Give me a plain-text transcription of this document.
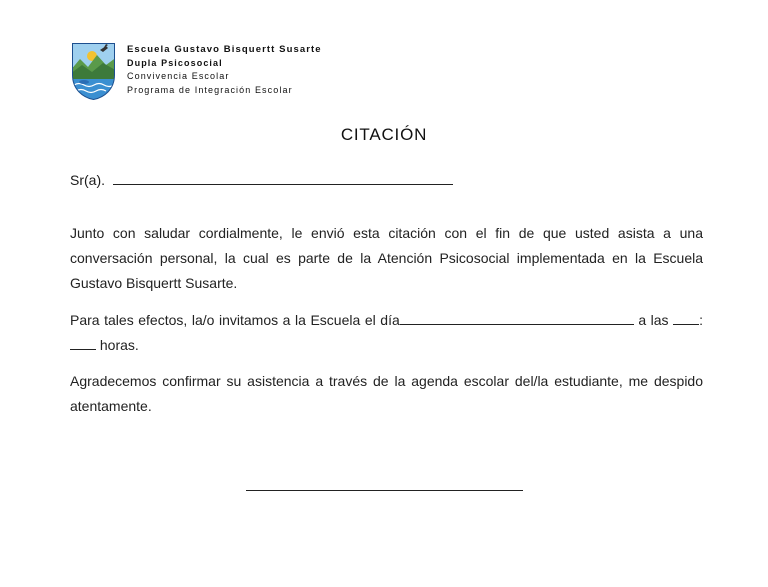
Escuela Gustavo Bisquertt Susarte
Dupla Psicosocial
Convivencia Escolar
Programa de Integración Escolar
CITACIÓN
Sr(a).
Junto con saludar cordialmente, le envió esta citación con el fin de que usted asista a una conversación personal, la cual es parte de la Atención Psicosocial implementada en la Escuela Gustavo Bisquertt Susarte.
Para tales efectos, la/o invitamos a la Escuela el día	a las : horas.
Agradecemos confirmar su asistencia a través de la agenda escolar del/la estudiante, me despido atentamente.
